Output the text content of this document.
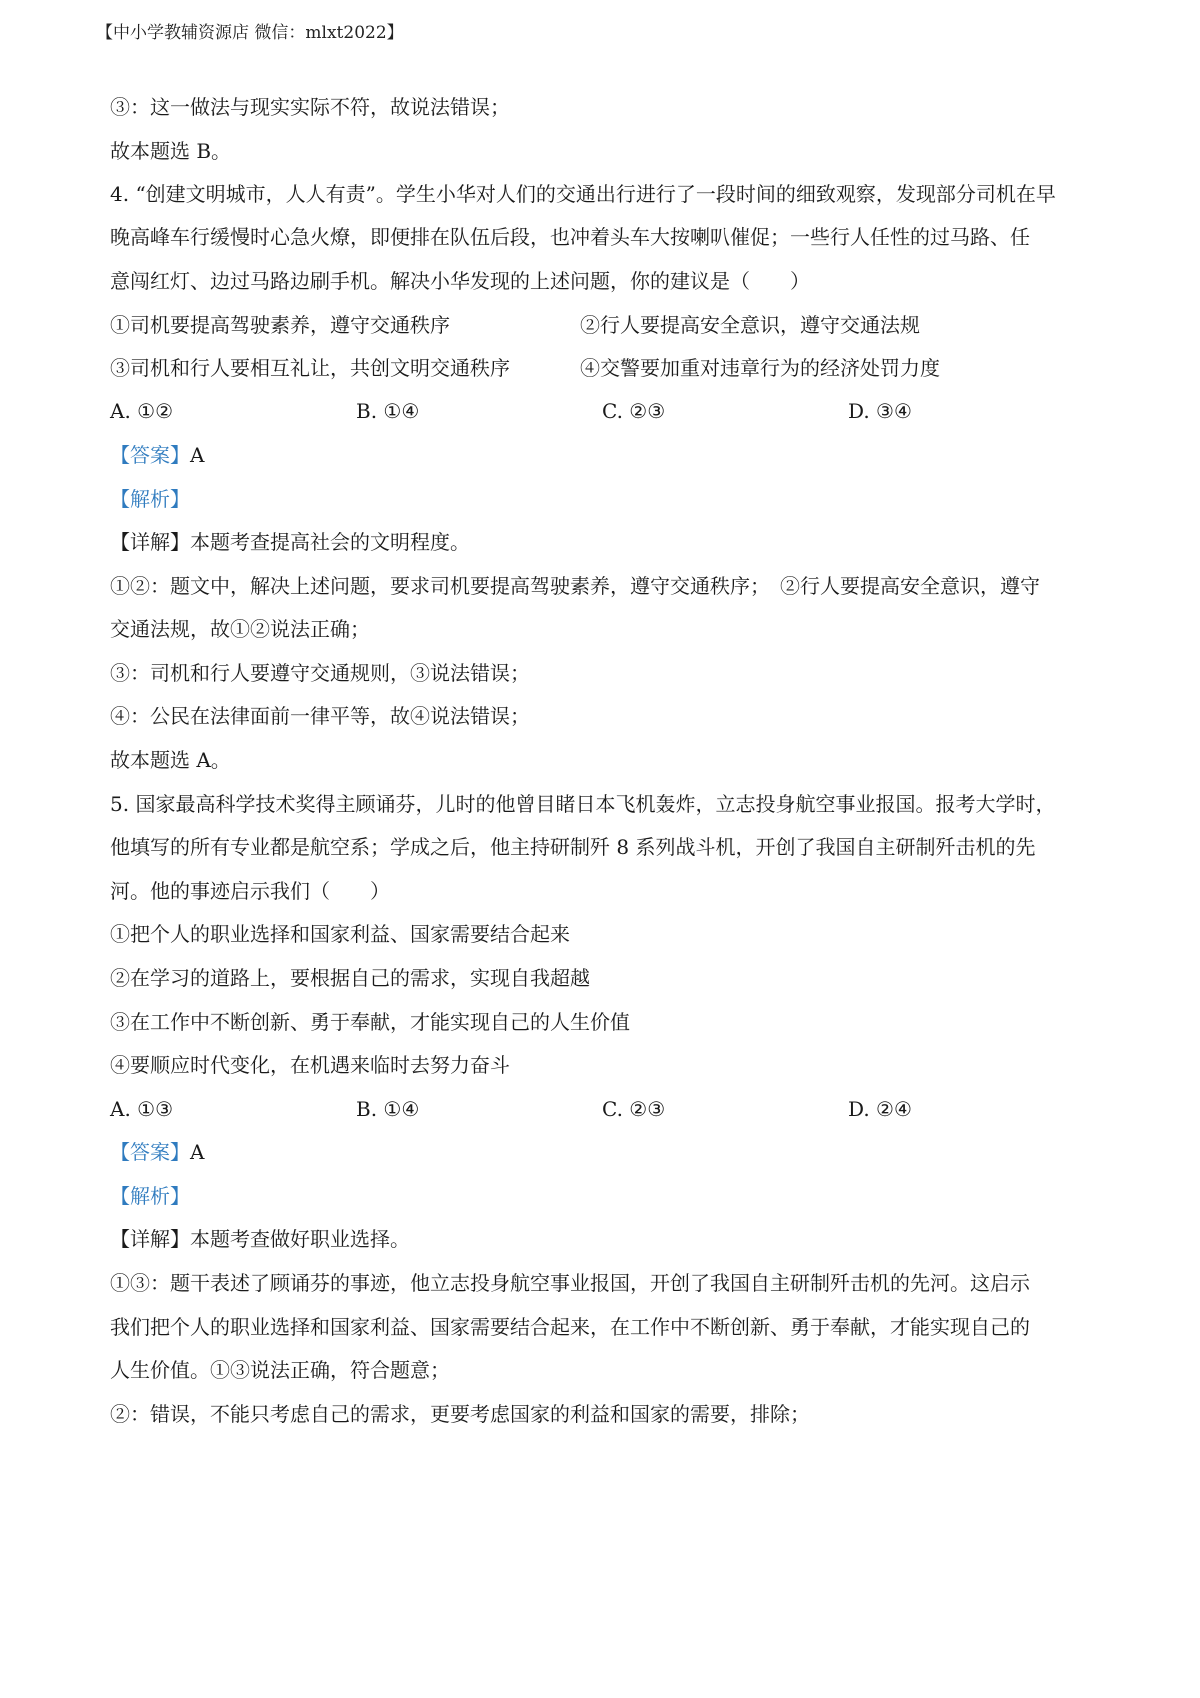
【中小学教辅资源店 微信：mlxt2022】
③：这一做法与现实实际不符，故说法错误；
故本题选 B。
4. “创建文明城市，人人有责”。学生小华对人们的交通出行进行了一段时间的细致观察，发现部分司机在早
晚高峰车行缓慢时心急火燎，即便排在队伍后段，也冲着头车大按喇叭催促；一些行人任性的过马路、任
意闯红灯、边过马路边刷手机。解决小华发现的上述问题，你的建议是（　　）
①司机要提高驾驶素养，遵守交通秩序	②行人要提高安全意识，遵守交通法规
③司机和行人要相互礼让，共创文明交通秩序	④交警要加重对违章行为的经济处罚力度
A. ①②	B. ①④	C. ②③	D. ③④
【答案】A
【解析】
【详解】本题考查提高社会的文明程度。
①②：题文中，解决上述问题，要求司机要提高驾驶素养，遵守交通秩序；　②行人要提高安全意识，遵守
交通法规，故①②说法正确；
③：司机和行人要遵守交通规则，③说法错误；
④：公民在法律面前一律平等，故④说法错误；
故本题选 A。
5. 国家最高科学技术奖得主顾诵芬，儿时的他曾目睹日本飞机轰炸，立志投身航空事业报国。报考大学时，
他填写的所有专业都是航空系；学成之后，他主持研制歼 8 系列战斗机，开创了我国自主研制歼击机的先
河。他的事迹启示我们（　　）
①把个人的职业选择和国家利益、国家需要结合起来
②在学习的道路上，要根据自己的需求，实现自我超越
③在工作中不断创新、勇于奉献，才能实现自己的人生价值
④要顺应时代变化，在机遇来临时去努力奋斗
A. ①③	B. ①④	C. ②③	D. ②④
【答案】A
【解析】
【详解】本题考查做好职业选择。
①③：题干表述了顾诵芬的事迹，他立志投身航空事业报国，开创了我国自主研制歼击机的先河。这启示
我们把个人的职业选择和国家利益、国家需要结合起来，在工作中不断创新、勇于奉献，才能实现自己的
人生价值。①③说法正确，符合题意；
②：错误，不能只考虑自己的需求，更要考虑国家的利益和国家的需要，排除；
